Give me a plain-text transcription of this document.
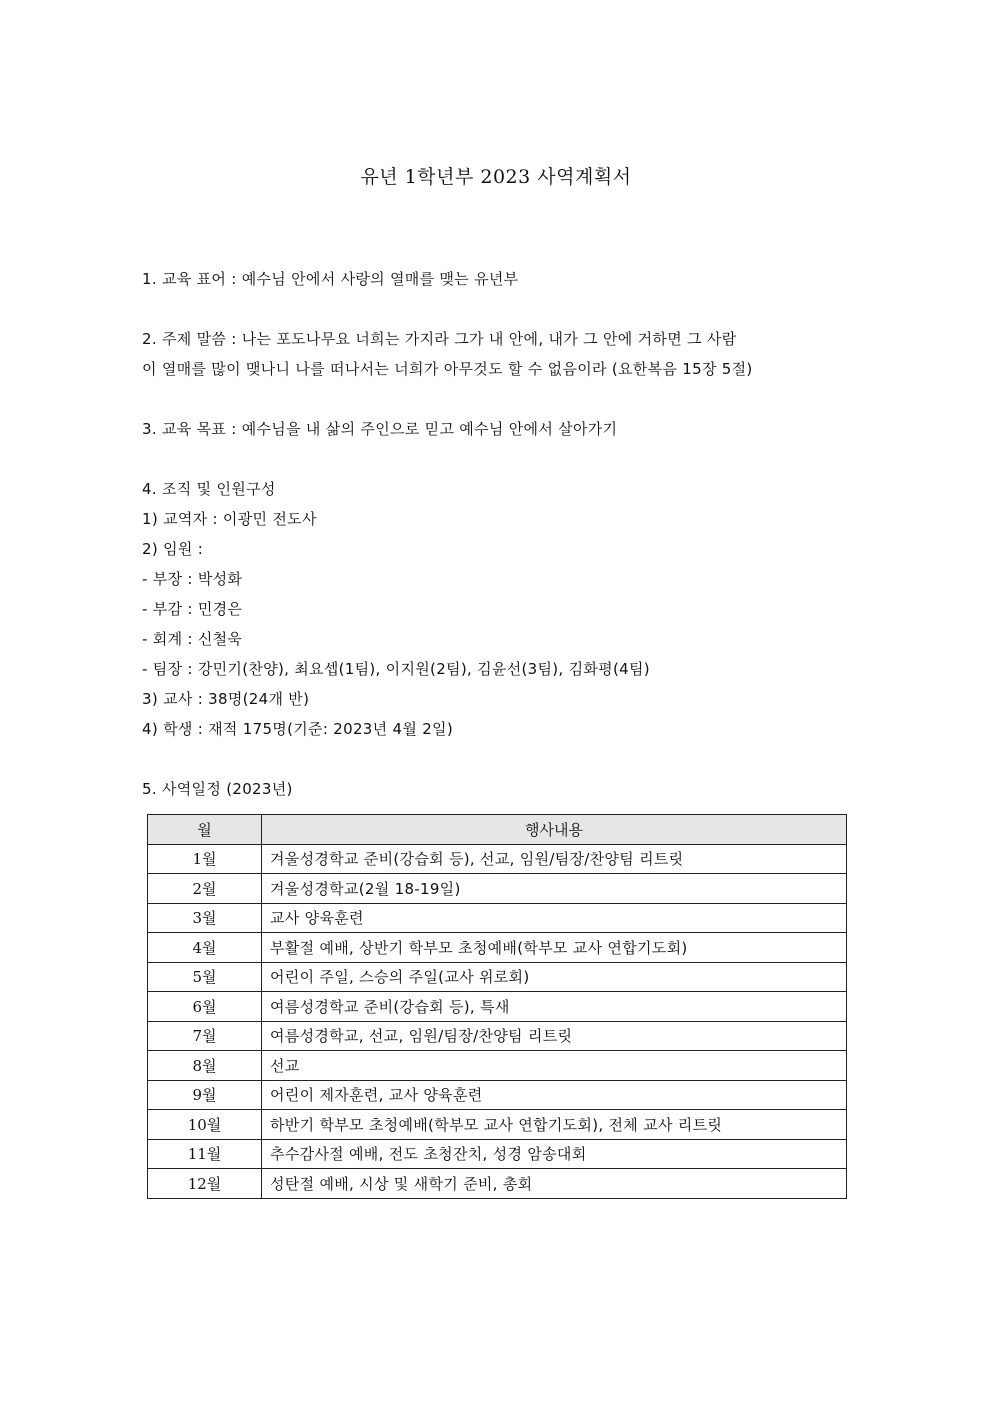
유년 1학년부 2023 사역계획서
1. 교육 표어 : 예수님 안에서 사랑의 열매를 맺는 유년부
2. 주제 말씀 : 나는 포도나무요 너희는 가지라 그가 내 안에, 내가 그 안에 거하면 그 사람
이 열매를 많이 맺나니 나를 떠나서는 너희가 아무것도 할 수 없음이라 (요한복음 15장 5절)
3. 교육 목표 : 예수님을 내 삶의 주인으로 믿고 예수님 안에서 살아가기
4. 조직 및 인원구성
1) 교역자 : 이광민 전도사
2) 임원 :
- 부장 : 박성화
- 부감 : 민경은
- 회계 : 신철욱
- 팀장 : 강민기(찬양), 최요셉(1팀), 이지원(2팀), 김윤선(3팀), 김화평(4팀)
3) 교사 : 38명(24개 반)
4) 학생 : 재적 175명(기준: 2023년 4월 2일)
5. 사역일정 (2023년)
월	행사내용
1월	겨울성경학교 준비(강습회 등), 선교, 임원/팀장/찬양팀 리트릿
2월	겨울성경학교(2월 18-19일)
3월	교사 양육훈련
4월	부활절 예배, 상반기 학부모 초청예배(학부모 교사 연합기도회)
5월	어린이 주일, 스승의 주일(교사 위로회)
6월	여름성경학교 준비(강습회 등), 특새
7월	여름성경학교, 선교, 임원/팀장/찬양팀 리트릿
8월	선교
9월	어린이 제자훈련, 교사 양육훈련
10월	하반기 학부모 초청예배(학부모 교사 연합기도회), 전체 교사 리트릿
11월	추수감사절 예배, 전도 초청잔치, 성경 암송대회
12월	성탄절 예배, 시상 및 새학기 준비, 총회
